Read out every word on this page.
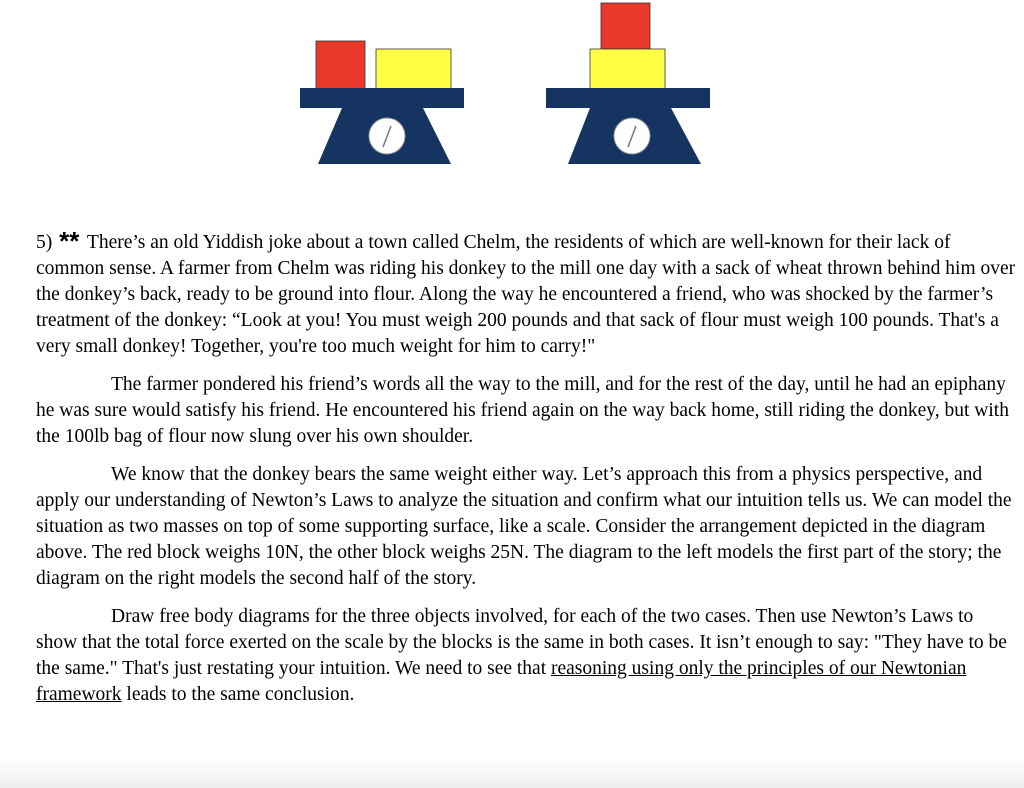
5) ** There’s an old Yiddish joke about a town called Chelm, the residents of which are well-known for their lack of common sense. A farmer from Chelm was riding his donkey to the mill one day with a sack of wheat thrown behind him over the donkey’s back, ready to be ground into flour. Along the way he encountered a friend, who was shocked by the farmer’s treatment of the donkey: “Look at you! You must weigh 200 pounds and that sack of flour must weigh 100 pounds. That's a very small donkey! Together, you're too much weight for him to carry!"

The farmer pondered his friend’s words all the way to the mill, and for the rest of the day, until he had an epiphany he was sure would satisfy his friend. He encountered his friend again on the way back home, still riding the donkey, but with the 100lb bag of flour now slung over his own shoulder.

We know that the donkey bears the same weight either way. Let’s approach this from a physics perspective, and apply our understanding of Newton’s Laws to analyze the situation and confirm what our intuition tells us. We can model the situation as two masses on top of some supporting surface, like a scale. Consider the arrangement depicted in the diagram above. The red block weighs 10N, the other block weighs 25N. The diagram to the left models the first part of the story; the diagram on the right models the second half of the story.

Draw free body diagrams for the three objects involved, for each of the two cases. Then use Newton’s Laws to show that the total force exerted on the scale by the blocks is the same in both cases. It isn’t enough to say: "They have to be the same." That's just restating your intuition. We need to see that reasoning using only the principles of our Newtonian framework leads to the same conclusion.
